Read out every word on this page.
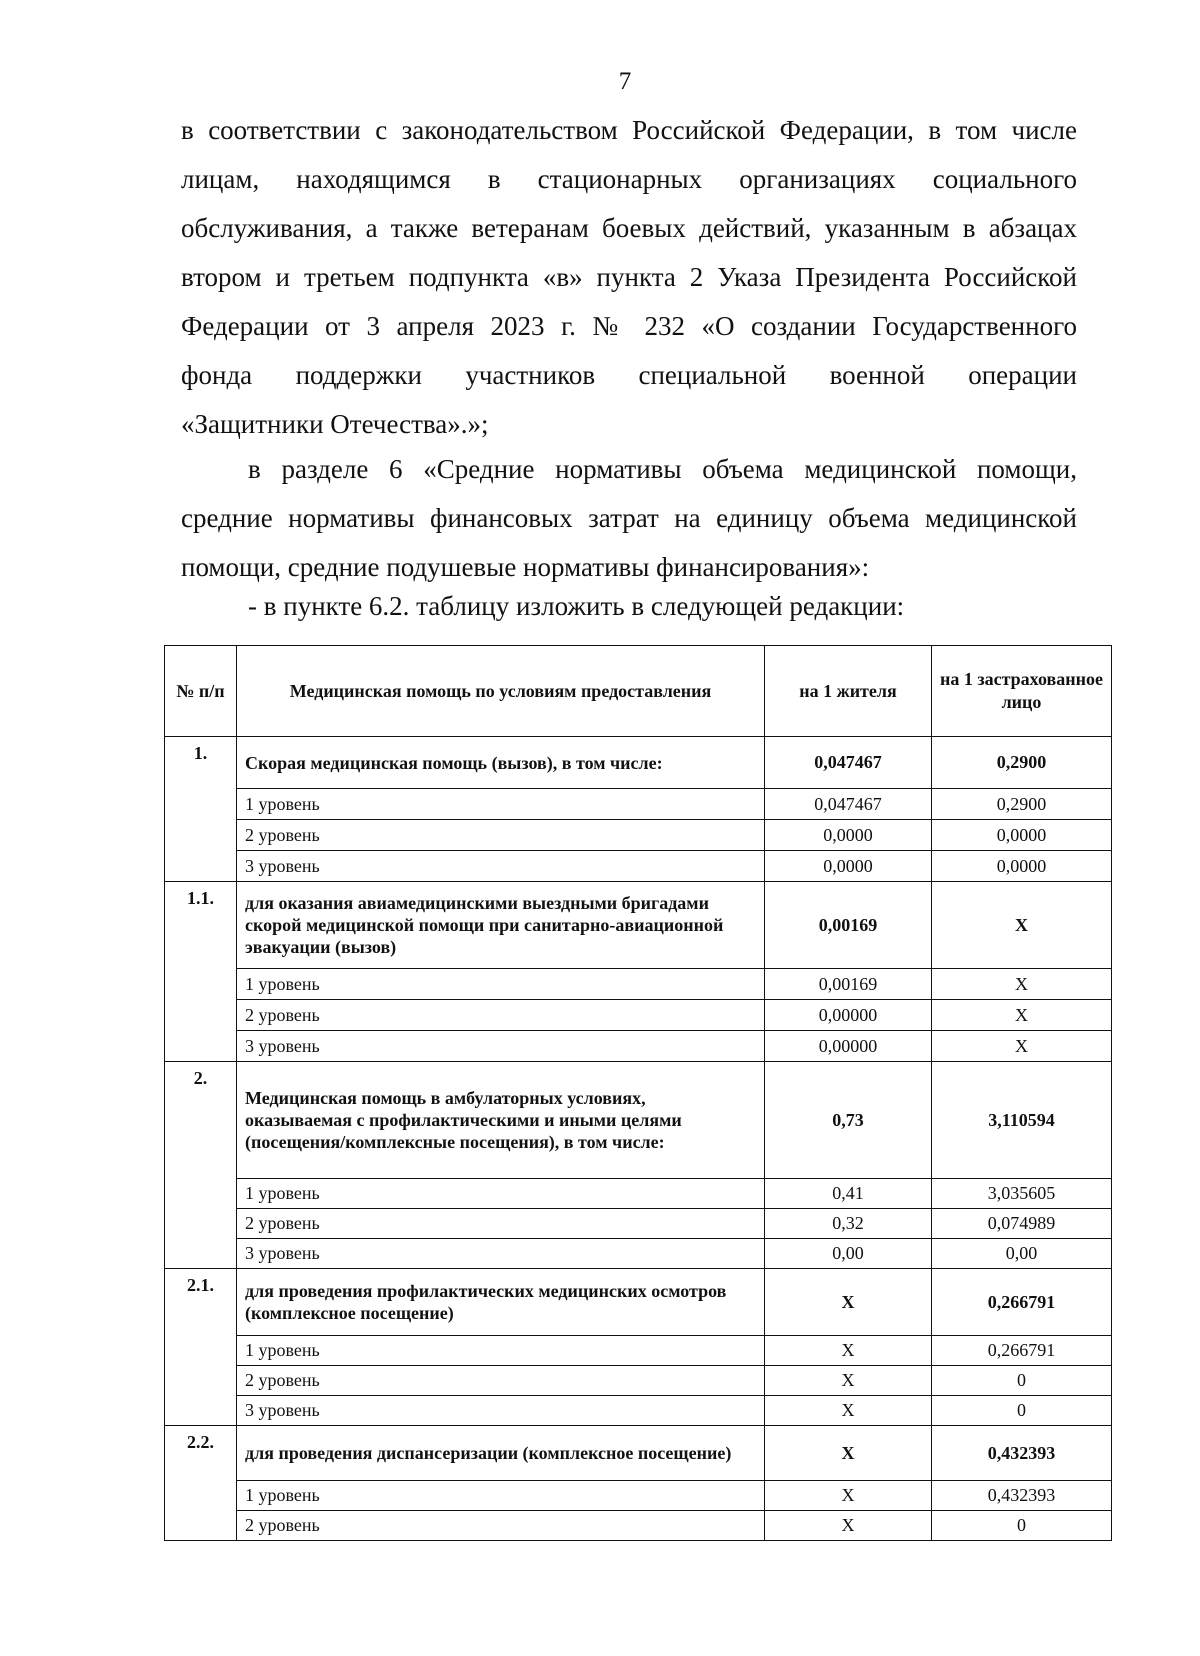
7
в соответствии с законодательством Российской Федерации, в том числе
лицам, находящимся в стационарных организациях социального
обслуживания, а также ветеранам боевых действий, указанным в абзацах
втором и третьем подпункта «в» пункта 2 Указа Президента Российской
Федерации от 3 апреля 2023 г. № 232 «О создании Государственного
фонда поддержки участников специальной военной операции
«Защитники Отечества».»;
в разделе 6 «Средние нормативы объема медицинской помощи,
средние нормативы финансовых затрат на единицу объема медицинской
помощи, средние подушевые нормативы финансирования»:
- в пункте 6.2. таблицу изложить в следующей редакции:
№ п/п	Медицинская помощь по условиям предоставления	на 1 жителя	на 1 застрахованное лицо
1.	Скорая медицинская помощь (вызов), в том числе:	0,047467	0,2900
	1 уровень	0,047467	0,2900
	2 уровень	0,0000	0,0000
	3 уровень	0,0000	0,0000
1.1.	для оказания авиамедицинскими выездными бригадами скорой медицинской помощи при санитарно-авиационной эвакуации (вызов)	0,00169	Х
	1 уровень	0,00169	Х
	2 уровень	0,00000	Х
	3 уровень	0,00000	Х
2.	Медицинская помощь в амбулаторных условиях, оказываемая с профилактическими и иными целями (посещения/комплексные посещения), в том числе:	0,73	3,110594
	1 уровень	0,41	3,035605
	2 уровень	0,32	0,074989
	3 уровень	0,00	0,00
2.1.	для проведения профилактических медицинских осмотров (комплексное посещение)	Х	0,266791
	1 уровень	Х	0,266791
	2 уровень	Х	0
	3 уровень	Х	0
2.2.	для проведения диспансеризации (комплексное посещение)	Х	0,432393
	1 уровень	Х	0,432393
	2 уровень	Х	0
